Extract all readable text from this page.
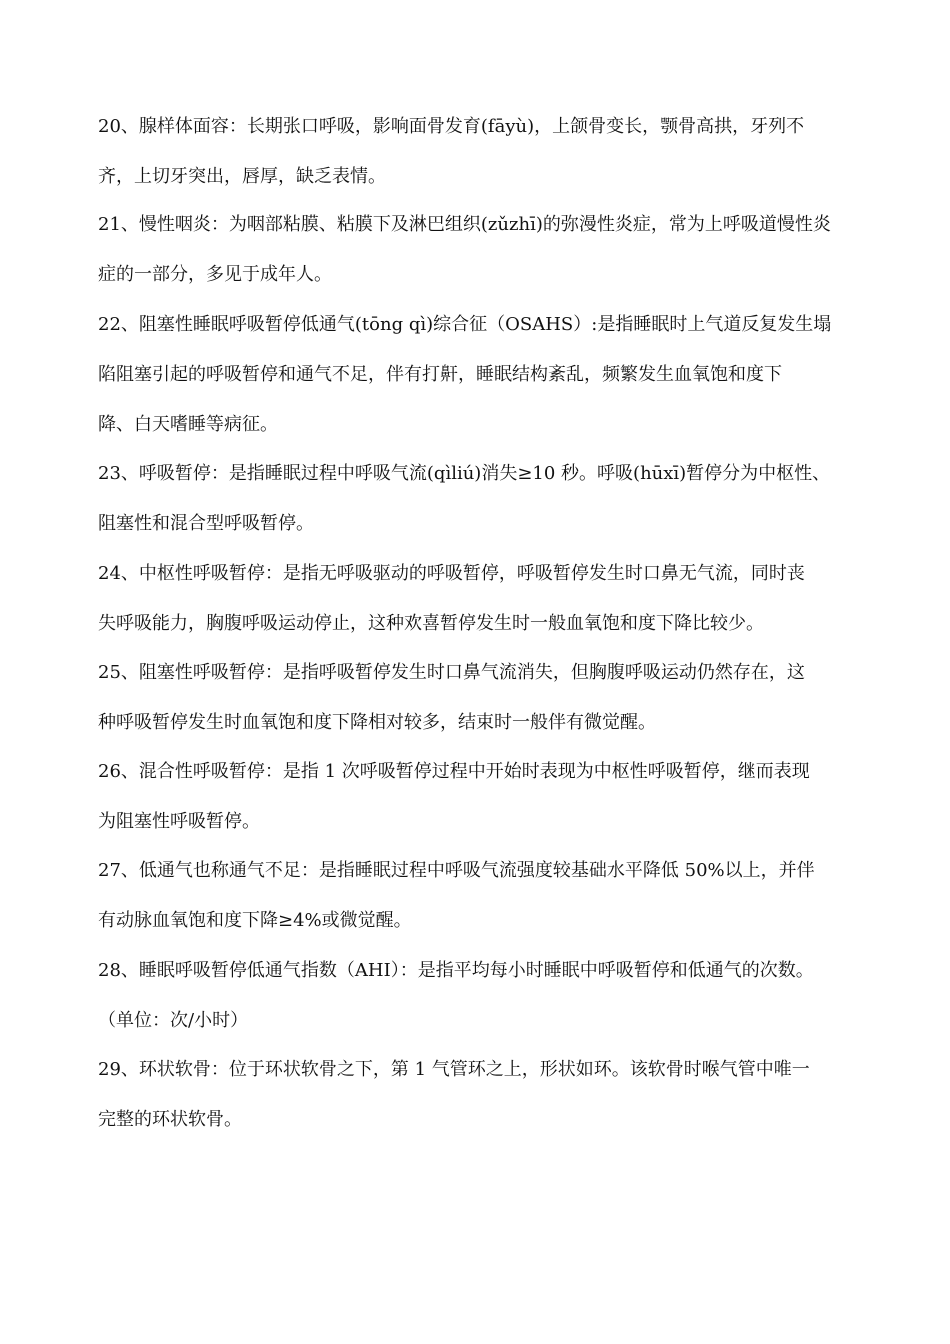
20、腺样体面容：长期张口呼吸，影响面骨发育(fāyù)，上颌骨变长，颚骨高拱，牙列不
齐，上切牙突出，唇厚，缺乏表情。

21、慢性咽炎：为咽部粘膜、粘膜下及淋巴组织(zǔzhī)的弥漫性炎症，常为上呼吸道慢性炎
症的一部分，多见于成年人。

22、阻塞性睡眠呼吸暂停低通气(tōng qì)综合征（OSAHS）:是指睡眠时上气道反复发生塌
陷阻塞引起的呼吸暂停和通气不足，伴有打鼾，睡眠结构紊乱，频繁发生血氧饱和度下
降、白天嗜睡等病征。

23、呼吸暂停：是指睡眠过程中呼吸气流(qìliú)消失≥10 秒。呼吸(hūxī)暂停分为中枢性、
阻塞性和混合型呼吸暂停。

24、中枢性呼吸暂停：是指无呼吸驱动的呼吸暂停，呼吸暂停发生时口鼻无气流，同时丧
失呼吸能力，胸腹呼吸运动停止，这种欢喜暂停发生时一般血氧饱和度下降比较少。

25、阻塞性呼吸暂停：是指呼吸暂停发生时口鼻气流消失，但胸腹呼吸运动仍然存在，这
种呼吸暂停发生时血氧饱和度下降相对较多，结束时一般伴有微觉醒。

26、混合性呼吸暂停：是指 1 次呼吸暂停过程中开始时表现为中枢性呼吸暂停，继而表现
为阻塞性呼吸暂停。

27、低通气也称通气不足：是指睡眠过程中呼吸气流强度较基础水平降低 50%以上，并伴
有动脉血氧饱和度下降≥4%或微觉醒。

28、睡眠呼吸暂停低通气指数（AHI）：是指平均每小时睡眠中呼吸暂停和低通气的次数。
（单位：次/小时）

29、环状软骨：位于环状软骨之下，第 1 气管环之上，形状如环。该软骨时喉气管中唯一
完整的环状软骨。
